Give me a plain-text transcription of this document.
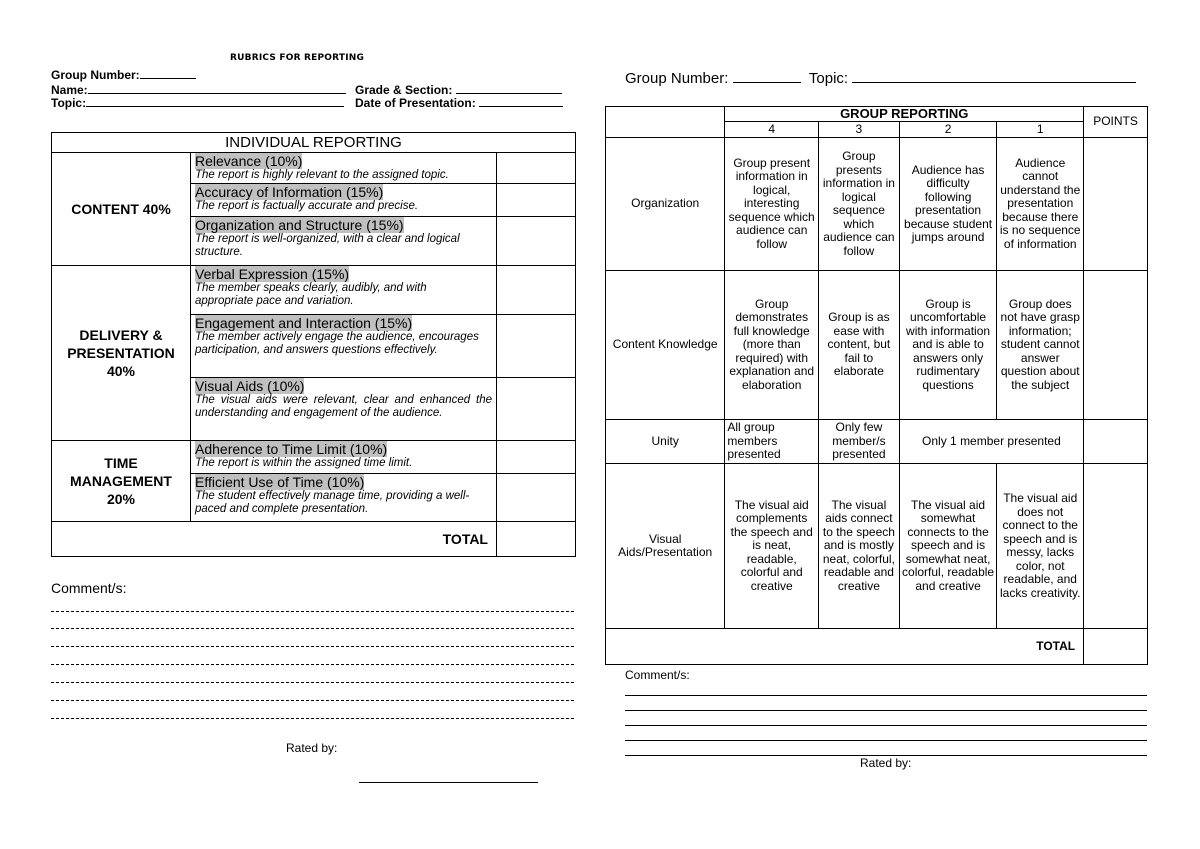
RUBRICS FOR REPORTING
Group Number:
Name:
Topic:
Grade & Section:
Date of Presentation:
INDIVIDUAL REPORTING		
CONTENT 40%	Relevance (10%)
The report is highly relevant to the assigned topic.	

	Accuracy of Information (15%)
The report is factually accurate and precise.	

	Organization and Structure (15%)
The report is well-organized, with a clear and logical structure.	

DELIVERY & PRESENTATION 40%	Verbal Expression (15%)
The member speaks clearly, audibly, and with appropriate pace and variation.	

	Engagement and Interaction (15%)
The member actively engage the audience, encourages participation, and answers questions effectively.	

	Visual Aids (10%)
The visual aids were relevant, clear and enhanced the understanding and engagement of the audience.	

TIME MANAGEMENT 20%	Adherence to Time Limit (10%)
The report is within the assigned time limit.	

	Efficient Use of Time (10%)
The student effectively manage time, providing a well-paced and complete presentation.	

TOTAL		
Comment/s:
Rated by:
Group Number:	Topic:
	GROUP REPORTING				POINTS
	4	3	2	1	
Organization	Group present information in logical, interesting sequence which audience can follow	Group presents information in logical sequence which audience can follow	Audience has difficulty following presentation because student jumps around	Audience cannot understand the presentation because there is no sequence of information	
Content Knowledge	Group demonstrates full knowledge (more than required) with explanation and elaboration	Group is as ease with content, but fail to elaborate	Group is uncomfortable with information and is able to answers only rudimentary questions	Group does not have grasp information; student cannot answer question about the subject	
Unity	All group members presented	Only few member/s presented	Only 1 member presented		
Visual Aids/Presentation	The visual aid complements the speech and is neat, readable, colorful and creative	The visual aids connect to the speech and is mostly neat, colorful, readable and creative	The visual aid somewhat connects to the speech and is somewhat neat, colorful, readable and creative	The visual aid does not connect to the speech and is messy, lacks color, not readable, and lacks creativity.	
TOTAL					
Comment/s:
Rated by:
